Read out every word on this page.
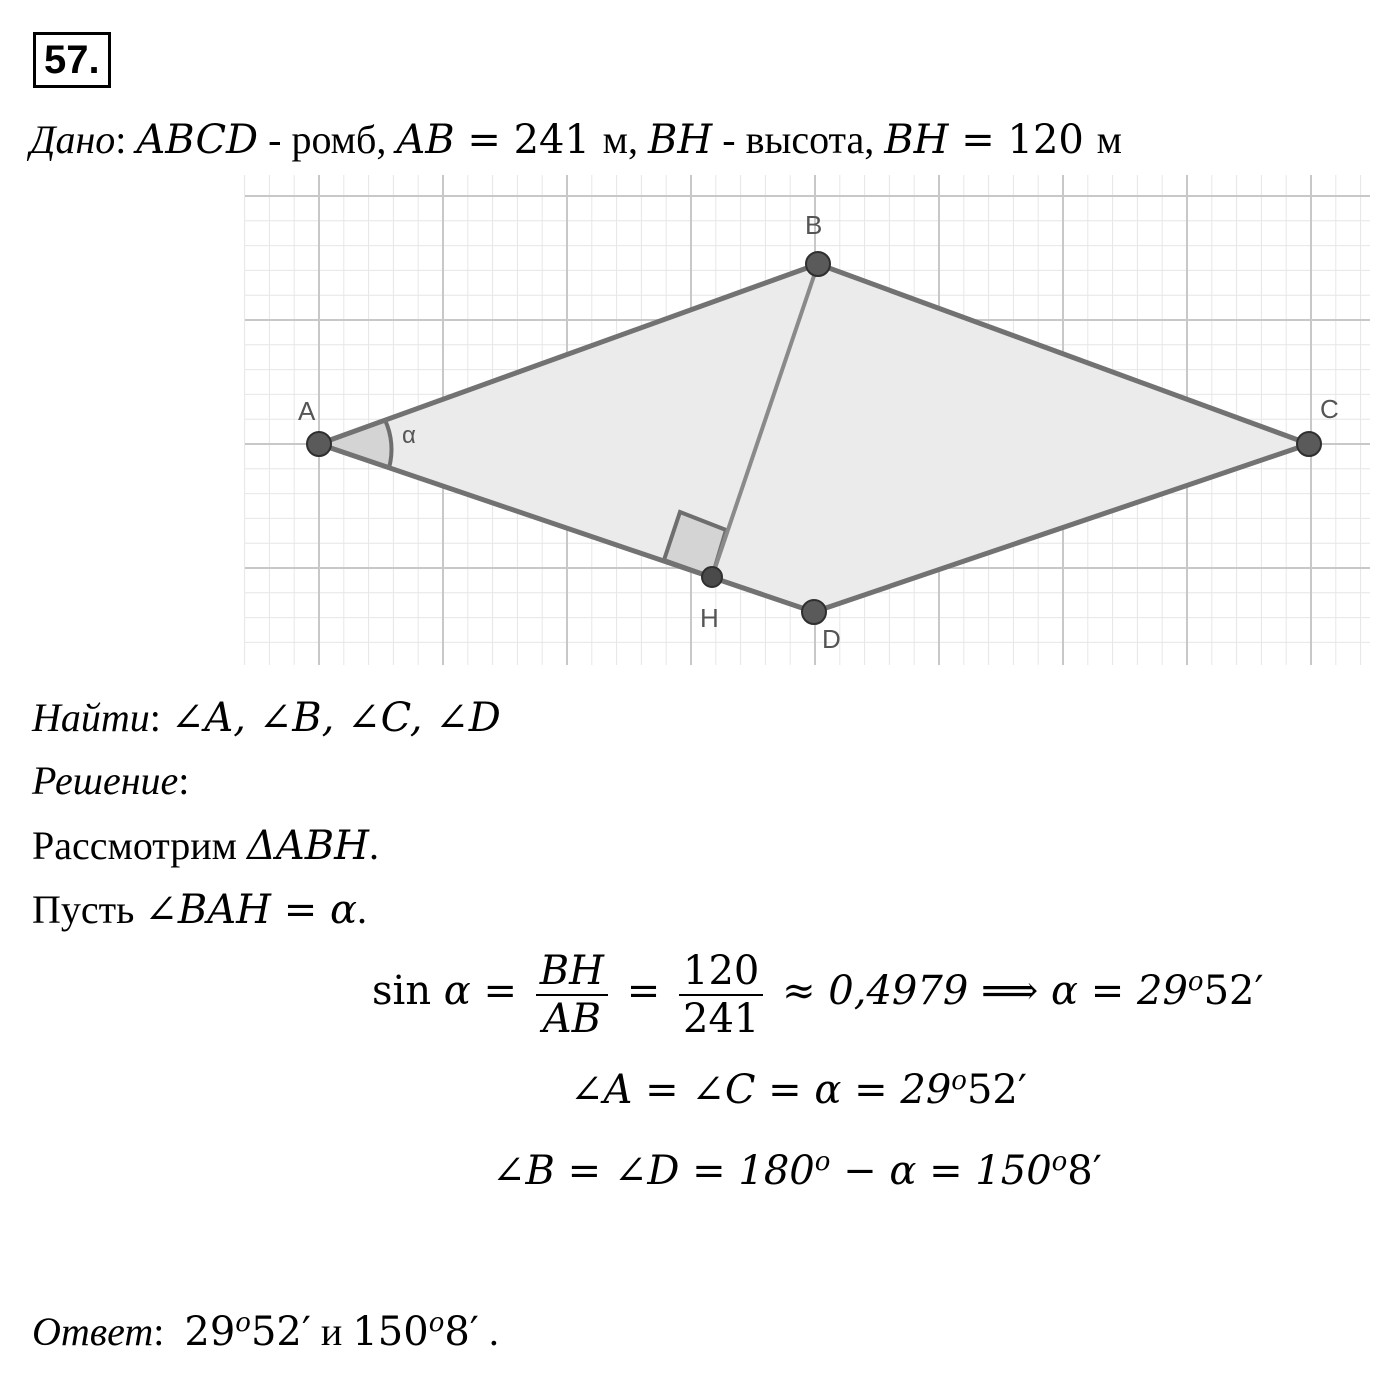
57.
Дано: ABCD - ромб, AB = 241 м, BH - высота, BH = 120 м
A
B
C
D
H
α
Найти: ∠A, ∠B, ∠C, ∠D
Решение:
Рассмотрим ΔABH.
Пусть ∠BAH = α.
$\sin \alpha = \frac{BH}{AB} = \frac{120}{241} \approx 0,4979$ ⟹ $\alpha = 29^o52'$
∠A = ∠C = $\alpha = 29^o52'$
∠B = ∠D = $180^o - \alpha = 150^o8'$
Ответ:  29$^o$52′ и 150$^o$8′ .
